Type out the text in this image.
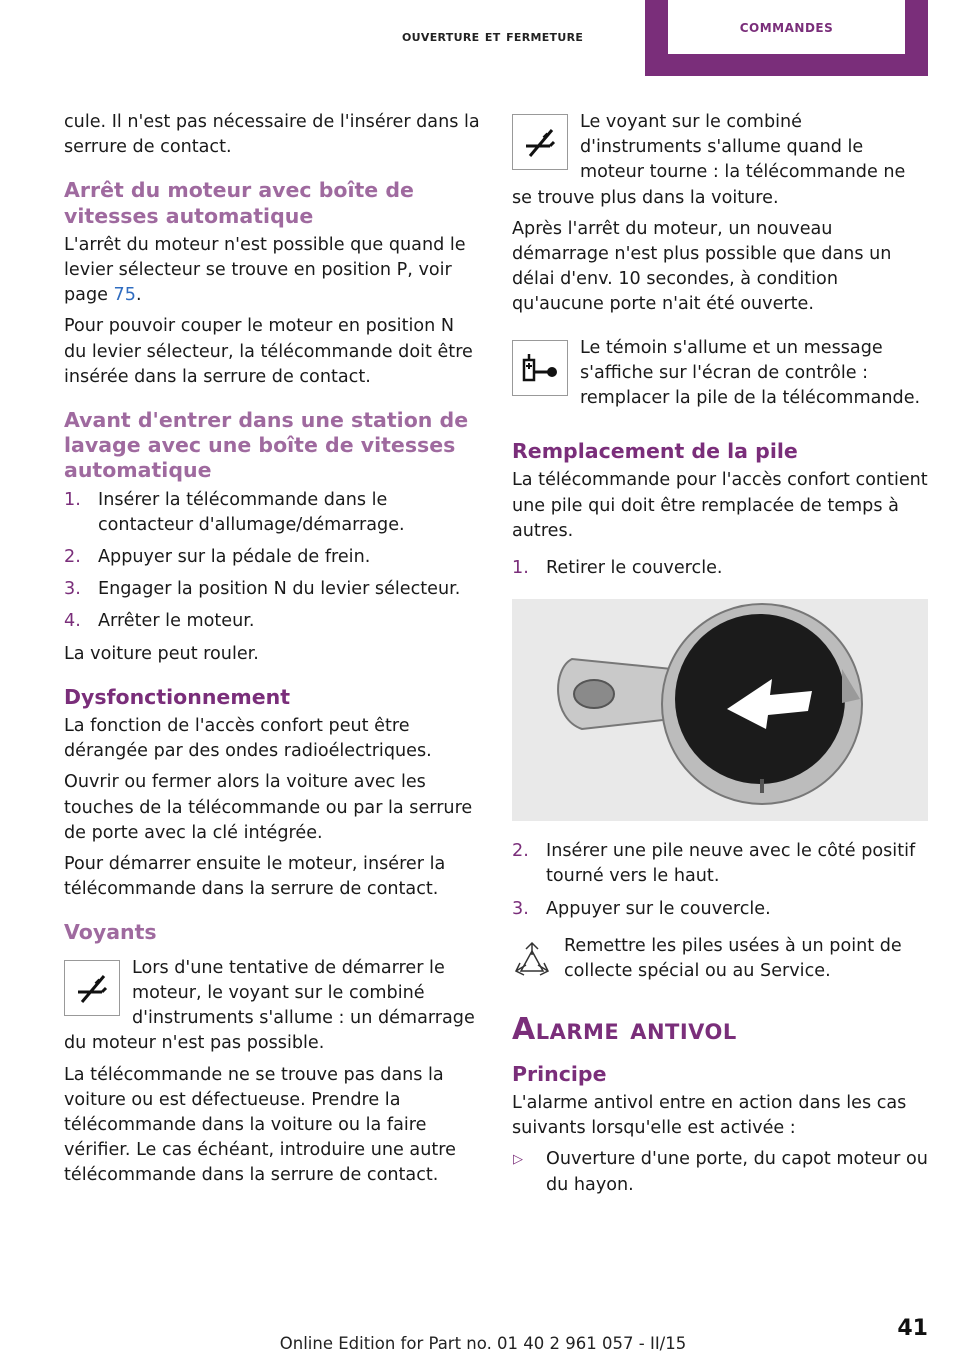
ouverture et fermeture	commandes

cule. Il n'est pas nécessaire de l'insérer dans la serrure de contact.

Arrêt du moteur avec boîte de vitesses automatique

L'arrêt du moteur n'est possible que quand le levier sélecteur se trouve en position P, voir page 75.

Pour pouvoir couper le moteur en position N du levier sélecteur, la télécommande doit être insérée dans la serrure de contact.

Avant d'entrer dans une station de lavage avec une boîte de vitesses automatique
1. Insérer la télécommande dans le contacteur d'allumage/démarrage.
2. Appuyer sur la pédale de frein.
3. Engager la position N du levier sélecteur.
4. Arrêter le moteur.

La voiture peut rouler.

Dysfonctionnement

La fonction de l'accès confort peut être dérangée par des ondes radioélectriques.

Ouvrir ou fermer alors la voiture avec les touches de la télécommande ou par la serrure de porte avec la clé intégrée.

Pour démarrer ensuite le moteur, insérer la télécommande dans la serrure de contact.

Voyants
Lors d'une tentative de démarrer le moteur, le voyant sur le combiné d'instruments s'allume : un démarrage du moteur n'est pas possible.

La télécommande ne se trouve pas dans la voiture ou est défectueuse. Prendre la télécommande dans la voiture ou la faire vérifier. Le cas échéant, introduire une autre télécommande dans la serrure de contact.

Le voyant sur le combiné d'instruments s'allume quand le moteur tourne : la télécommande ne se trouve plus dans la voiture.

Après l'arrêt du moteur, un nouveau démarrage n'est plus possible que dans un délai d'env. 10 secondes, à condition qu'aucune porte n'ait été ouverte.

Le témoin s'allume et un message s'affiche sur l'écran de contrôle : remplacer la pile de la télécommande.
Remplacement de la pile

La télécommande pour l'accès confort contient une pile qui doit être remplacée de temps à autres.

1. Retirer le couvercle.
2. Insérer une pile neuve avec le côté positif tourné vers le haut.
3. Appuyer sur le couvercle.
Remettre les piles usées à un point de collecte spécial ou au Service.
Alarme antivol
Principe

L'alarme antivol entre en action dans les cas suivants lorsqu'elle est activée :

▷ Ouverture d'une porte, du capot moteur ou du hayon.
Online Edition for Part no. 01 40 2 961 057 - II/15
41
